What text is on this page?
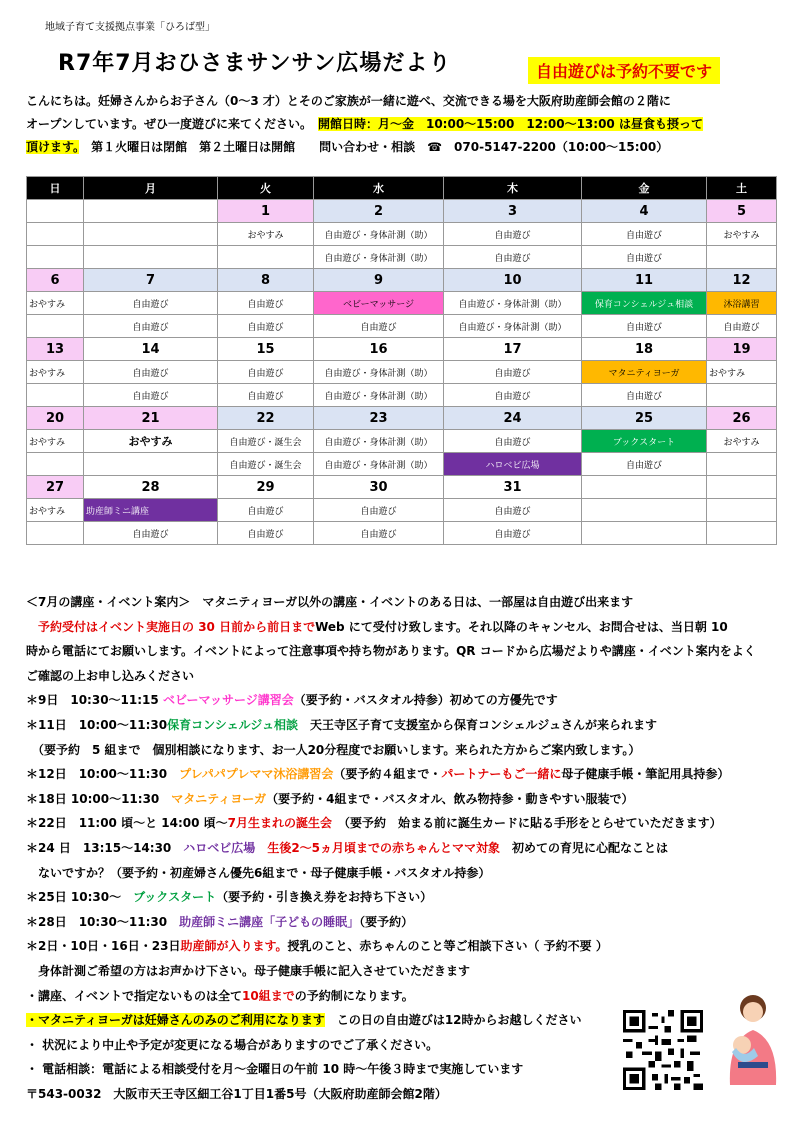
地域子育て支援拠点事業「ひろば型」
R7年7月おひさまサンサン広場だより	自由遊びは予約不要です
こんにちは。妊婦さんからお子さん（0～3 才）とそのご家族が一緒に遊べ、交流できる場を大阪府助産師会館の２階に
オープンしています。ぜひ一度遊びに来てください。　 開館日時：月～金　10:00～15:00　12:00～13:00 は昼食も摂って
頂けます。　 第１火曜日は閉館　第２土曜日は開館　　 問い合わせ・相談　☎　070-5147-2200（10:00～15:00）
日	月	火	水	木	金	土
		1	2	3	4	5
		おやすみ	自由遊び・身体計測（助）	自由遊び	自由遊び	おやすみ
			自由遊び・身体計測（助）	自由遊び	自由遊び	
6	7	8	9	10	11	12
おやすみ	自由遊び	自由遊び	ベビーマッサージ	自由遊び・身体計測（助）	保育コンシェルジュ相談	沐浴講習
	自由遊び	自由遊び	自由遊び	自由遊び・身体計測（助）	自由遊び	自由遊び
13	14	15	16	17	18	19
おやすみ	自由遊び	自由遊び	自由遊び・身体計測（助）	自由遊び	マタニティヨーガ	おやすみ
	自由遊び	自由遊び	自由遊び・身体計測（助）	自由遊び	自由遊び	
20	21	22	23	24	25	26
おやすみ	おやすみ	自由遊び・誕生会	自由遊び・身体計測（助）	自由遊び	ブックスタート	おやすみ
		自由遊び・誕生会	自由遊び・身体計測（助）	ハロベビ広場	自由遊び	
27	28	29	30	31		
おやすみ	助産師ミニ講座	自由遊び	自由遊び	自由遊び		
	自由遊び	自由遊び	自由遊び	自由遊び		

＜7月の講座・イベント案内＞　 マタニティヨーガ以外の講座・イベントのある日は、一部屋は自由遊び出来ます

　予約受付はイベント実施日の 30 日前から前日までWeb にて受付け致します。それ以降のキャンセル、お問合せは、当日朝 10

時から電話にてお願いします。イベントによって注意事項や持ち物があります。QR コードから広場だよりや講座・イベント案内をよく

ご確認の上お申し込みください

＊9日　10:30～11:15 ベビーマッサージ講習会（要予約・バスタオル持参）初めての方優先です

＊11日　10:00～11:30保育コンシェルジュ相談　 天王寺区子育て支援室から保育コンシェルジュさんが来られます

　（要予約　5 組まで　個別相談になります、お一人20分程度でお願いします。来られた方からご案内致します。）

＊12日　10:00～11:30　 プレパパプレママ沐浴講習会（要予約４組まで・パートナーもご一緒に母子健康手帳・筆記用具持参）

＊18日 10:00～11:30　 マタニティヨーガ（要予約・4組まで・バスタオル、飲み物持参・動きやすい服装で）

＊22日　11:00 頃～と 14:00 頃～7月生まれの誕生会　 （要予約　始まる前に誕生カードに貼る手形をとらせていただきます）

＊24 日　13:15～14:30　 ハロベビ広場　 生後2～5ヵ月頃までの赤ちゃんとママ対象　 初めての育児に心配なことは

　ないですか？（要予約・初産婦さん優先6組まで・母子健康手帳・バスタオル持参）

＊25日 10:30～　 ブックスタート（要予約・引き換え券をお持ち下さい）

＊28日　10:30～11:30　 助産師ミニ講座「子どもの睡眠」（要予約）

＊2日・10日・16日・23日助産師が入ります。授乳のこと、赤ちゃんのこと等ご相談下さい（ 予約不要 ）

　身体計測ご希望の方はお声かけ下さい。母子健康手帳に記入させていただきます

・講座、イベントで指定ないものは全て10組までの予約制になります。

・マタニティヨーガは妊婦さんのみのご利用になります　 この日の自由遊びは12時からお越しください

・ 状況により中止や予定が変更になる場合がありますのでご了承ください。

・ 電話相談：電話による相談受付を月～金曜日の午前 10 時～午後３時まで実施しています

〒543-0032　大阪市天王寺区細工谷1丁目1番5号（大阪府助産師会館2階）
